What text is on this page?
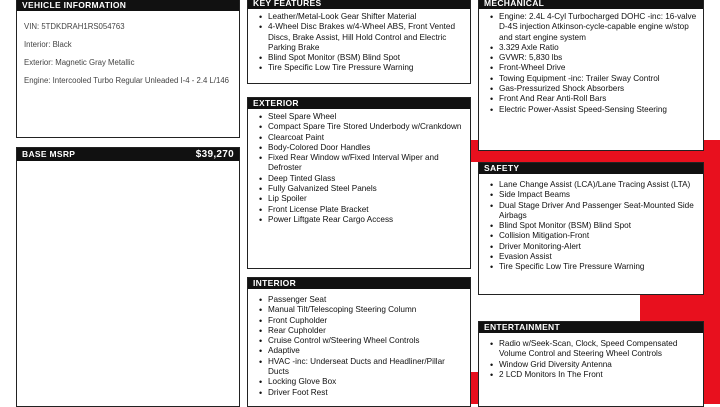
VEHICLE INFORMATION
VIN: 5TDKDRAH1RS054763
Interior: Black
Exterior: Magnetic Gray Metallic
Engine: Intercooled Turbo Regular Unleaded I-4 - 2.4 L/146
BASE MSRP	$39,270
KEY FEATURES
• Leather/Metal-Look Gear Shifter Material
• 4-Wheel Disc Brakes w/4-Wheel ABS, Front Vented Discs, Brake Assist, Hill Hold Control and Electric Parking Brake
• Blind Spot Monitor (BSM) Blind Spot
• Tire Specific Low Tire Pressure Warning
EXTERIOR
• Steel Spare Wheel
• Compact Spare Tire Stored Underbody w/Crankdown
• Clearcoat Paint
• Body-Colored Door Handles
• Fixed Rear Window w/Fixed Interval Wiper and Defroster
• Deep Tinted Glass
• Fully Galvanized Steel Panels
• Lip Spoiler
• Front License Plate Bracket
• Power Liftgate Rear Cargo Access
INTERIOR
• Passenger Seat
• Manual Tilt/Telescoping Steering Column
• Front Cupholder
• Rear Cupholder
• Cruise Control w/Steering Wheel Controls
• Adaptive
• HVAC -inc: Underseat Ducts and Headliner/Pillar Ducts
• Locking Glove Box
• Driver Foot Rest
MECHANICAL
• Engine: 2.4L 4-Cyl Turbocharged DOHC -inc: 16-valve D-4S injection Atkinson-cycle-capable engine w/stop and start engine system
• 3.329 Axle Ratio
• GVWR: 5,830 lbs
• Front-Wheel Drive
• Towing Equipment -inc: Trailer Sway Control
• Gas-Pressurized Shock Absorbers
• Front And Rear Anti-Roll Bars
• Electric Power-Assist Speed-Sensing Steering
SAFETY
• Lane Change Assist (LCA)/Lane Tracing Assist (LTA)
• Side Impact Beams
• Dual Stage Driver And Passenger Seat-Mounted Side Airbags
• Blind Spot Monitor (BSM) Blind Spot
• Collision Mitigation-Front
• Driver Monitoring-Alert
• Evasion Assist
• Tire Specific Low Tire Pressure Warning
ENTERTAINMENT
• Radio w/Seek-Scan, Clock, Speed Compensated Volume Control and Steering Wheel Controls
• Window Grid Diversity Antenna
• 2 LCD Monitors In The Front
